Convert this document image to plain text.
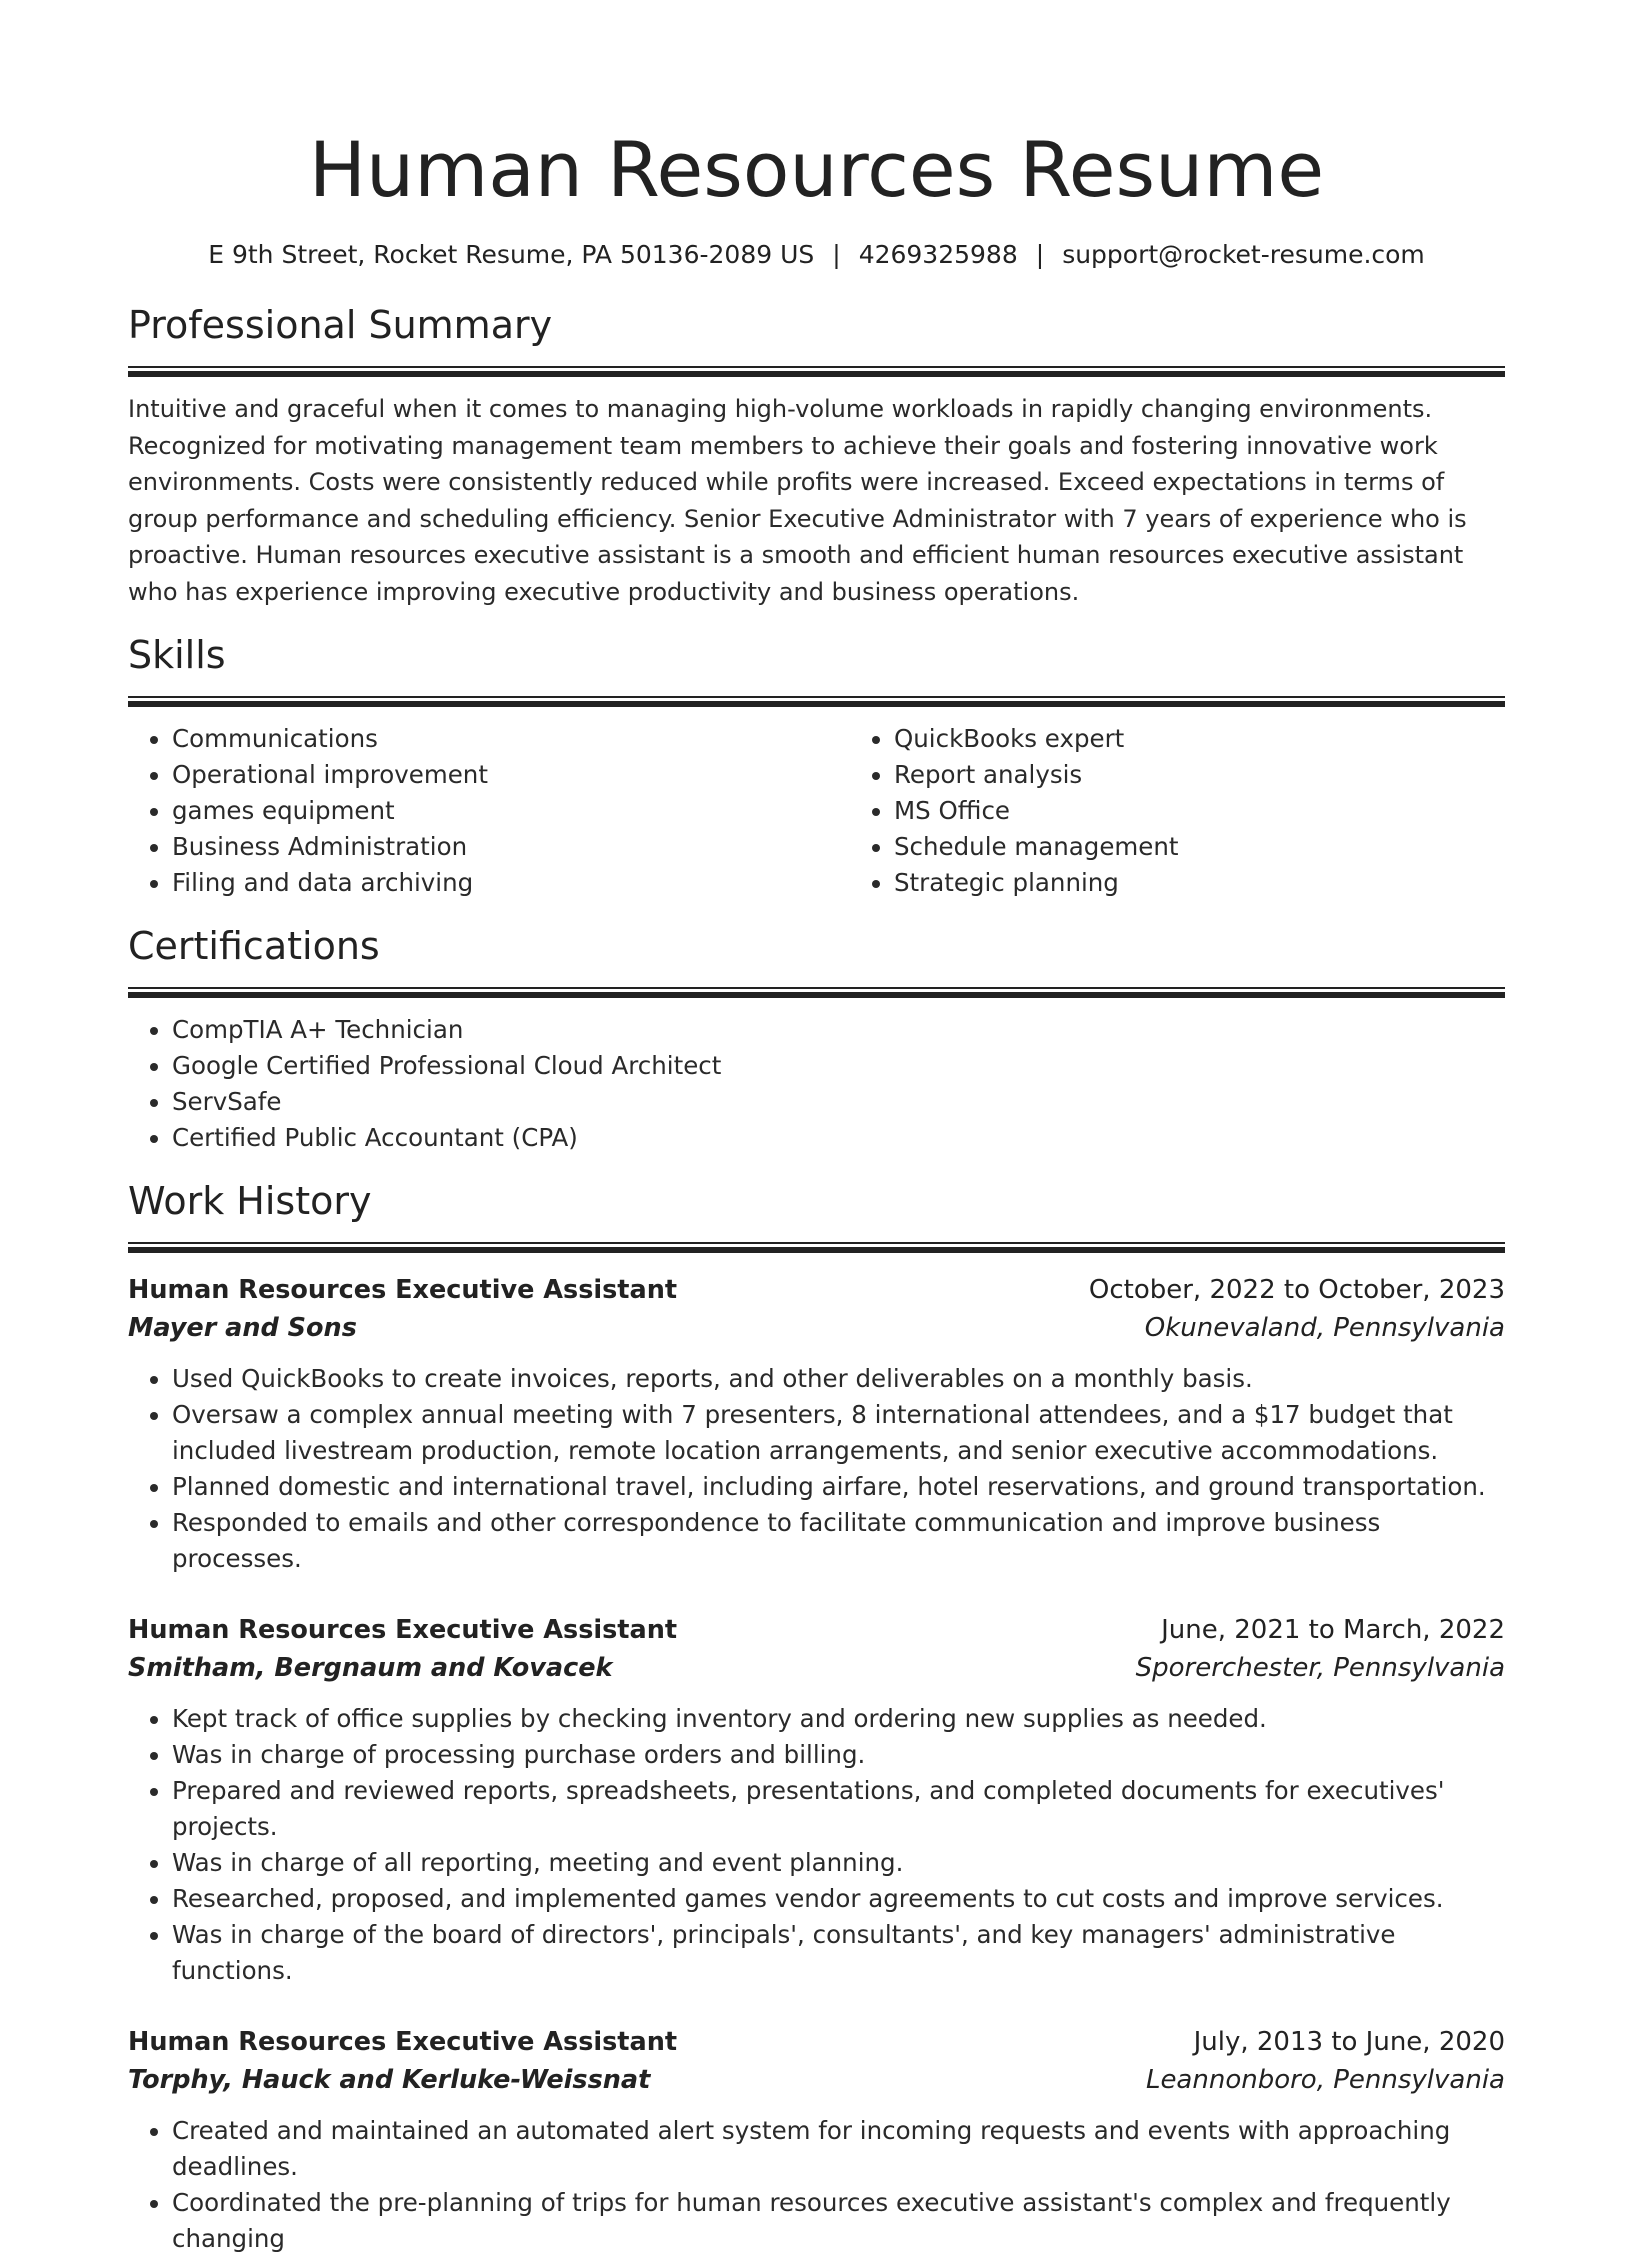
Human Resources Resume
E 9th Street, Rocket Resume, PA 50136-2089 US | 4269325988 | support@rocket-resume.com
Professional Summary

Intuitive and graceful when it comes to managing high-volume workloads in rapidly changing environments. Recognized for motivating management team members to achieve their goals and fostering innovative work environments. Costs were consistently reduced while profits were increased. Exceed expectations in terms of group performance and scheduling efficiency. Senior Executive Administrator with 7 years of experience who is proactive. Human resources executive assistant is a smooth and efficient human resources executive assistant who has experience improving executive productivity and business operations.

Skills
• Communications
• Operational improvement
• games equipment
• Business Administration
• Filing and data archiving
• QuickBooks expert
• Report analysis
• MS Office
• Schedule management
• Strategic planning
Certifications
• CompTIA A+ Technician
• Google Certified Professional Cloud Architect
• ServSafe
• Certified Public Accountant (CPA)
Work History
Human Resources Executive Assistant	October, 2022 to October, 2023
Mayer and Sons	Okunevaland, Pennsylvania
• Used QuickBooks to create invoices, reports, and other deliverables on a monthly basis.
• Oversaw a complex annual meeting with 7 presenters, 8 international attendees, and a $17 budget that included livestream production, remote location arrangements, and senior executive accommodations.
• Planned domestic and international travel, including airfare, hotel reservations, and ground transportation.
• Responded to emails and other correspondence to facilitate communication and improve business processes.
Human Resources Executive Assistant	June, 2021 to March, 2022
Smitham, Bergnaum and Kovacek	Sporerchester, Pennsylvania
• Kept track of office supplies by checking inventory and ordering new supplies as needed.
• Was in charge of processing purchase orders and billing.
• Prepared and reviewed reports, spreadsheets, presentations, and completed documents for executives' projects.
• Was in charge of all reporting, meeting and event planning.
• Researched, proposed, and implemented games vendor agreements to cut costs and improve services.
• Was in charge of the board of directors', principals', consultants', and key managers' administrative functions.
Human Resources Executive Assistant	July, 2013 to June, 2020
Torphy, Hauck and Kerluke-Weissnat	Leannonboro, Pennsylvania
• Created and maintained an automated alert system for incoming requests and events with approaching deadlines.
• Coordinated the pre-planning of trips for human resources executive assistant's complex and frequently changing
